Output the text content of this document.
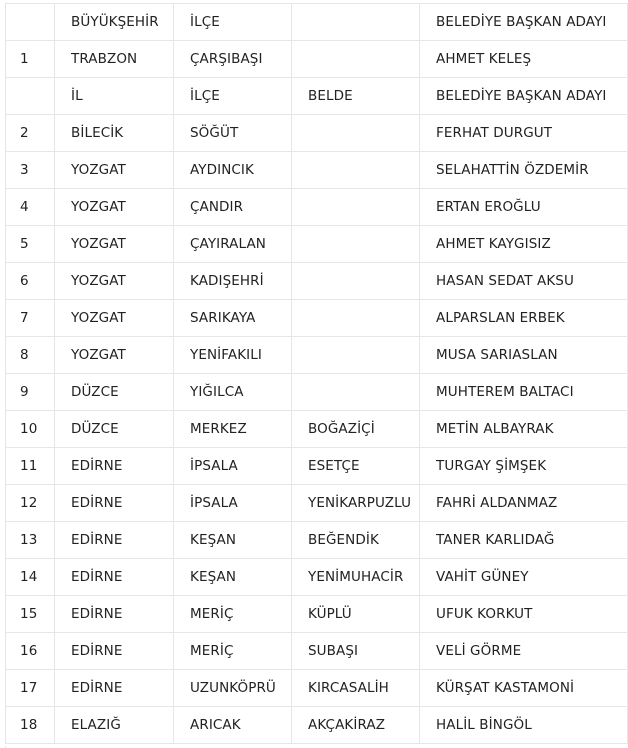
	BÜYÜKŞEHİR	İLÇE		BELEDİYE BAŞKAN ADAYI
1	TRABZON	ÇARŞIBAŞI		AHMET KELEŞ
	İL	İLÇE	BELDE	BELEDİYE BAŞKAN ADAYI
2	BİLECİK	SÖĞÜT		FERHAT DURGUT
3	YOZGAT	AYDINCIK		SELAHATTİN ÖZDEMİR
4	YOZGAT	ÇANDIR		ERTAN EROĞLU
5	YOZGAT	ÇAYIRALAN		AHMET KAYGISIZ
6	YOZGAT	KADIŞEHRİ		HASAN SEDAT AKSU
7	YOZGAT	SARIKAYA		ALPARSLAN ERBEK
8	YOZGAT	YENİFAKILI		MUSA SARIASLAN
9	DÜZCE	YIĞILCA		MUHTEREM BALTACI
10	DÜZCE	MERKEZ	BOĞAZİÇİ	METİN ALBAYRAK
11	EDİRNE	İPSALA	ESETÇE	TURGAY ŞİMŞEK
12	EDİRNE	İPSALA	YENİKARPUZLU	FAHRİ ALDANMAZ
13	EDİRNE	KEŞAN	BEĞENDİK	TANER KARLIDAĞ
14	EDİRNE	KEŞAN	YENİMUHACİR	VAHİT GÜNEY
15	EDİRNE	MERİÇ	KÜPLÜ	UFUK KORKUT
16	EDİRNE	MERİÇ	SUBAŞI	VELİ GÖRME
17	EDİRNE	UZUNKÖPRÜ	KIRCASALİH	KÜRŞAT KASTAMONİ
18	ELAZIĞ	ARICAK	AKÇAKİRAZ	HALİL BİNGÖL
